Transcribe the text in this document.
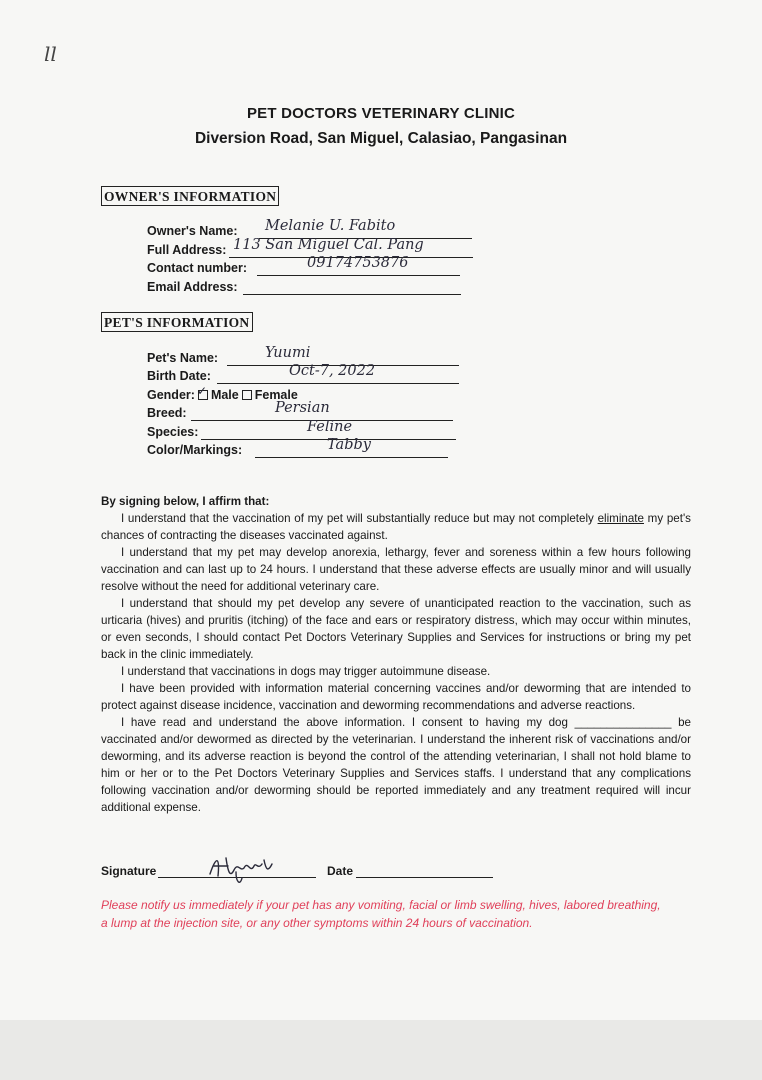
ll
PET DOCTORS VETERINARY CLINIC
Diversion Road, San Miguel, Calasiao, Pangasinan
OWNER'S INFORMATION
Owner's Name: Melanie U. Fabito
Full Address: 113 San Miguel Cal. Pang
Contact number:	09174753876
Email Address:
PET'S INFORMATION
Pet's Name:	Yuumi
Birth Date:	Oct-7, 2022
Gender:✓ Male Female
Breed:	Persian
Species:	Feline
Color/Markings:	Tabby
By signing below, I affirm that:

I understand that the vaccination of my pet will substantially reduce but may not completely eliminate my pet's chances of contracting the diseases vaccinated against.

I understand that my pet may develop anorexia, lethargy, fever and soreness within a few hours following vaccination and can last up to 24 hours. I understand that these adverse effects are usually minor and will usually resolve without the need for additional veterinary care.

I understand that should my pet develop any severe of unanticipated reaction to the vaccination, such as urticaria (hives) and pruritis (itching) of the face and ears or respiratory distress, which may occur within minutes, or even seconds, I should contact Pet Doctors Veterinary Supplies and Services for instructions or bring my pet back in the clinic immediately.

I understand that vaccinations in dogs may trigger autoimmune disease.

I have been provided with information material concerning vaccines and/or deworming that are intended to protect against disease incidence, vaccination and deworming recommendations and adverse reactions.

I have read and understand the above information. I consent to having my dog _______________ be vaccinated and/or dewormed as directed by the veterinarian. I understand the inherent risk of vaccinations and/or deworming, and its adverse reaction is beyond the control of the attending veterinarian, I shall not hold blame to him or her or to the Pet Doctors Veterinary Supplies and Services staffs. I understand that any complications following vaccination and/or deworming should be reported immediately and any treatment required will incur additional expense.

Signature	Date
Please notify us immediately if your pet has any vomiting, facial or limb swelling, hives, labored breathing, a lump at the injection site, or any other symptoms within 24 hours of vaccination.
